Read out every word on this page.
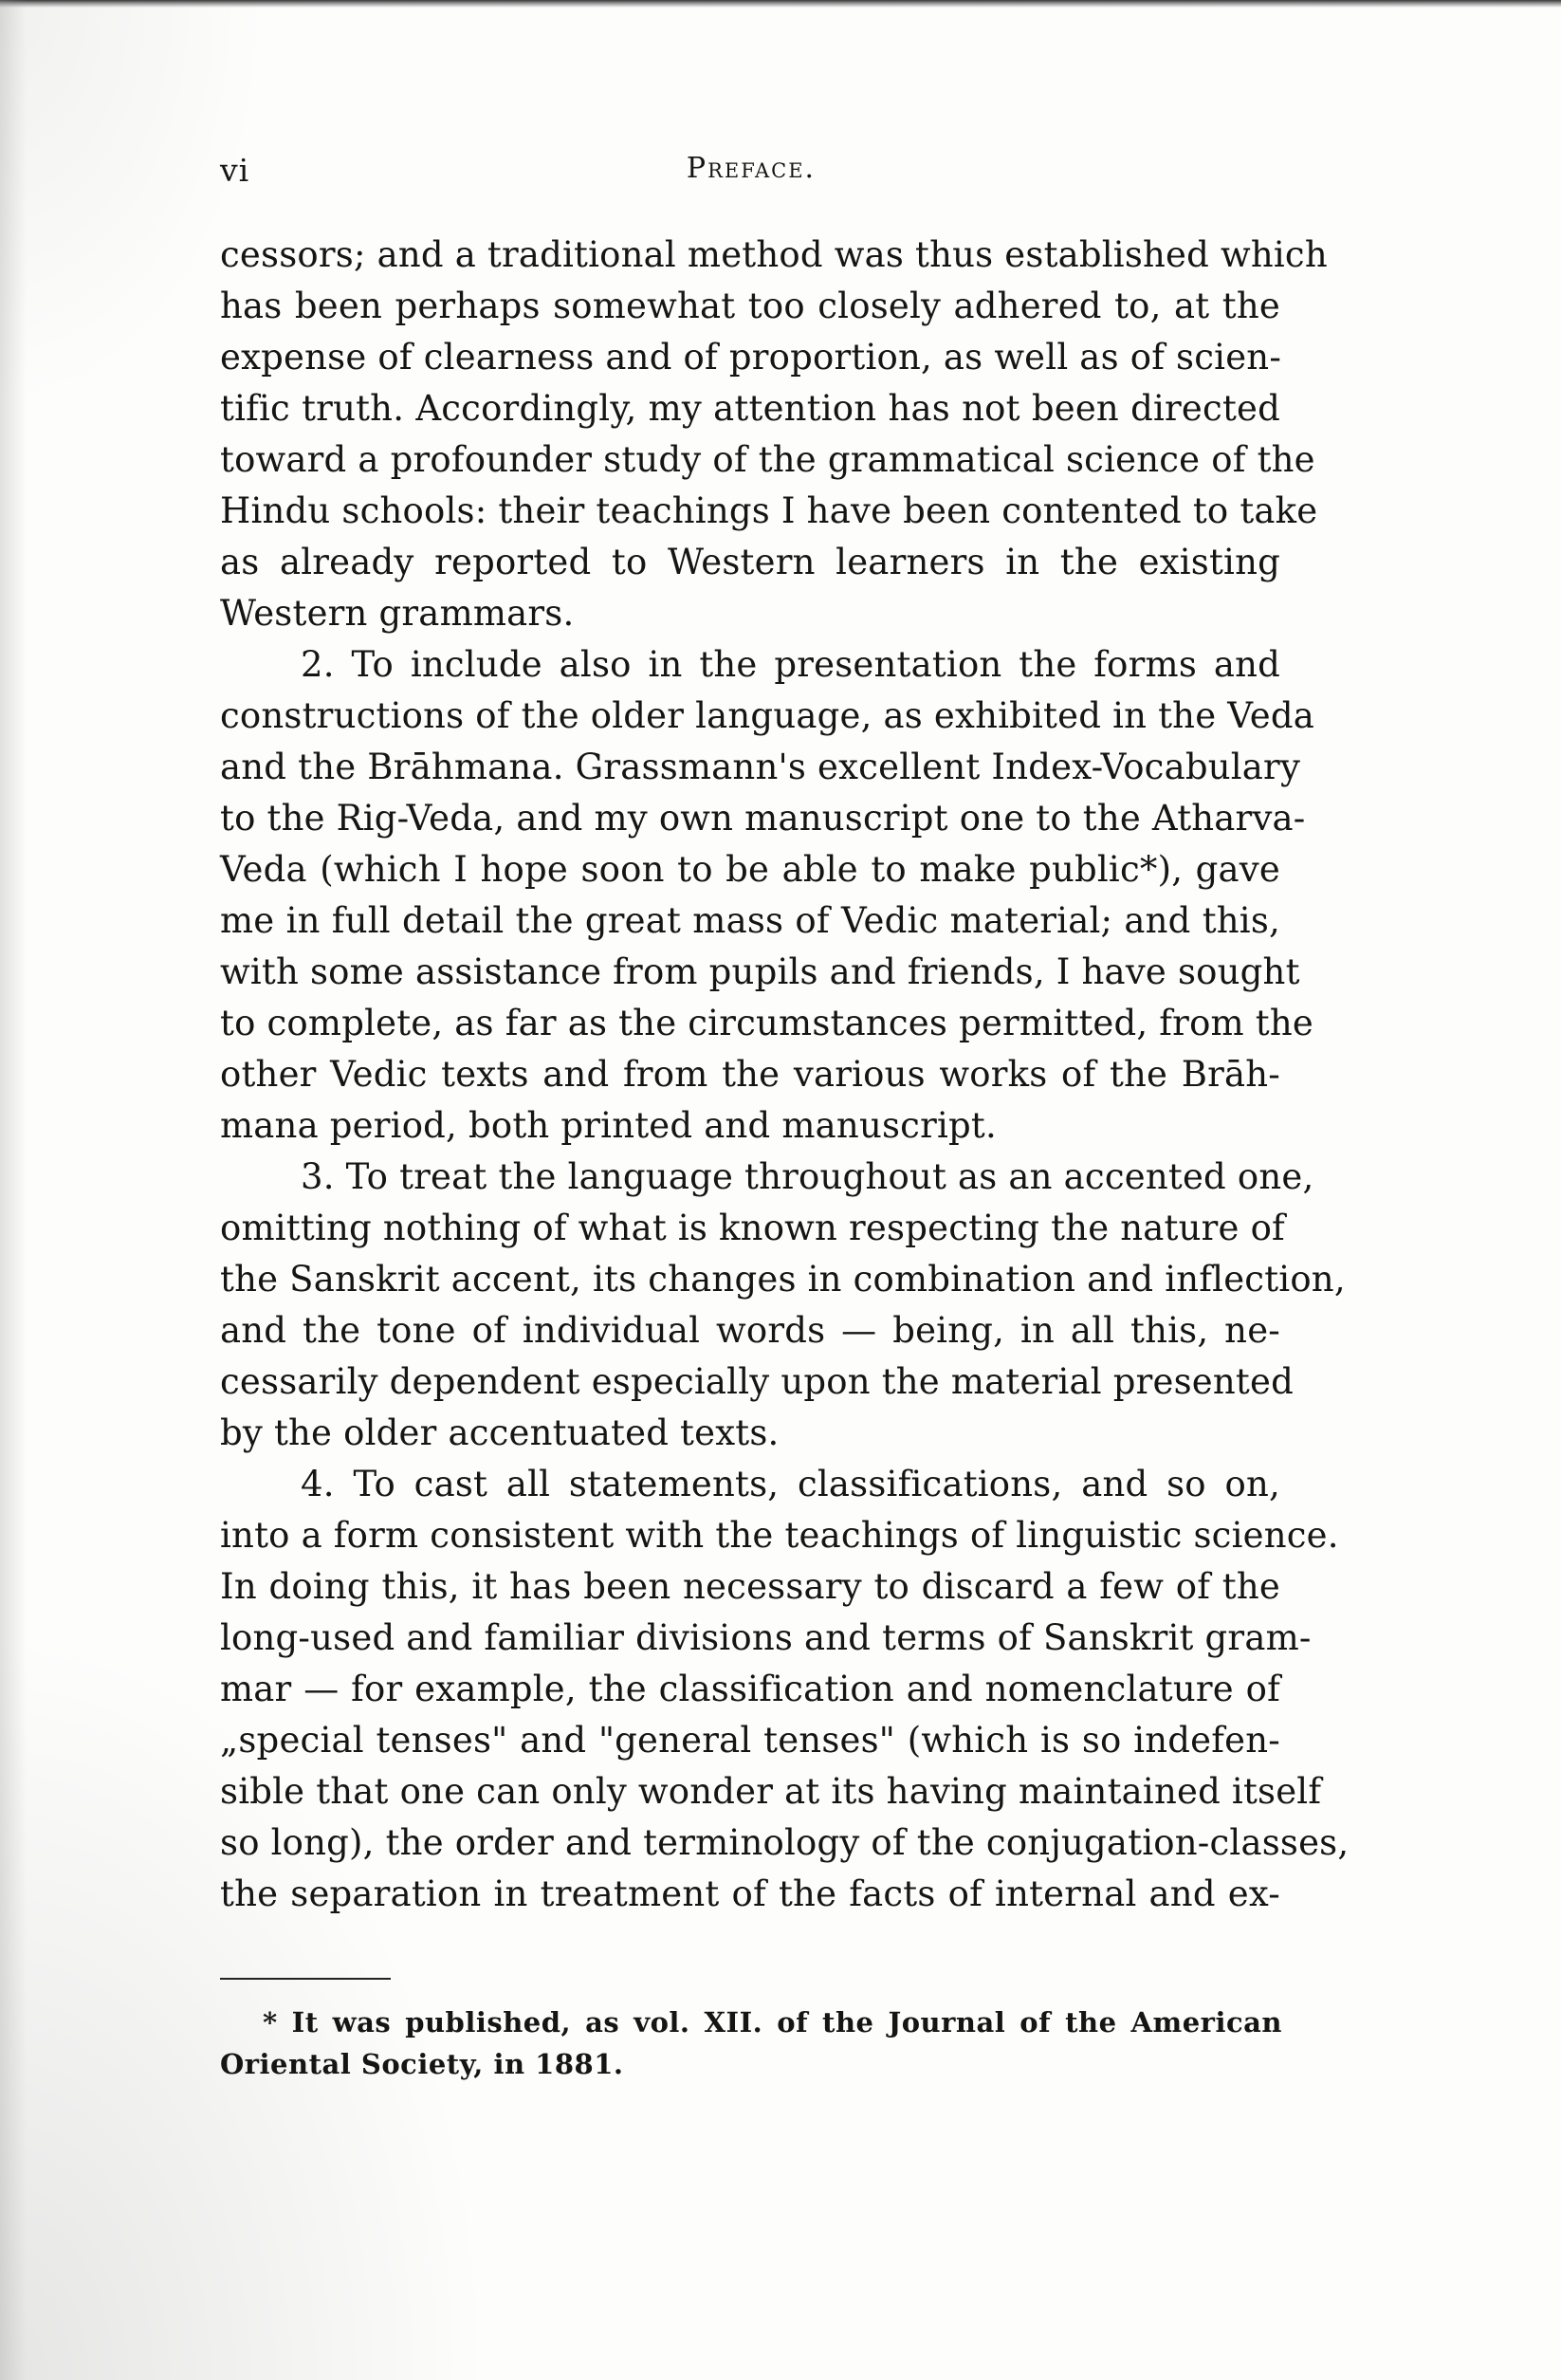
vi	Preface.
cessors; and a traditional method was thus established which
has been perhaps somewhat too closely adhered to, at the
expense of clearness and of proportion, as well as of scien-
tific truth. Accordingly, my attention has not been directed
toward a profounder study of the grammatical science of the
Hindu schools: their teachings I have been contented to take
as already reported to Western learners in the existing
Western grammars.
2. To include also in the presentation the forms and
constructions of the older language, as exhibited in the Veda
and the Brāhmana. Grassmann's excellent Index-Vocabulary
to the Rig-Veda, and my own manuscript one to the Atharva-
Veda (which I hope soon to be able to make public*), gave
me in full detail the great mass of Vedic material; and this,
with some assistance from pupils and friends, I have sought
to complete, as far as the circumstances permitted, from the
other Vedic texts and from the various works of the Brāh-
mana period, both printed and manuscript.
3. To treat the language throughout as an accented one,
omitting nothing of what is known respecting the nature of
the Sanskrit accent, its changes in combination and inflection,
and the tone of individual words — being, in all this, ne-
cessarily dependent especially upon the material presented
by the older accentuated texts.
4. To cast all statements, classifications, and so on,
into a form consistent with the teachings of linguistic science.
In doing this, it has been necessary to discard a few of the
long-used and familiar divisions and terms of Sanskrit gram-
mar — for example, the classification and nomenclature of
„special tenses" and "general tenses" (which is so indefen-
sible that one can only wonder at its having maintained itself
so long), the order and terminology of the conjugation-classes,
the separation in treatment of the facts of internal and ex-
* It was published, as vol. XII. of the Journal of the American
Oriental Society, in 1881.
